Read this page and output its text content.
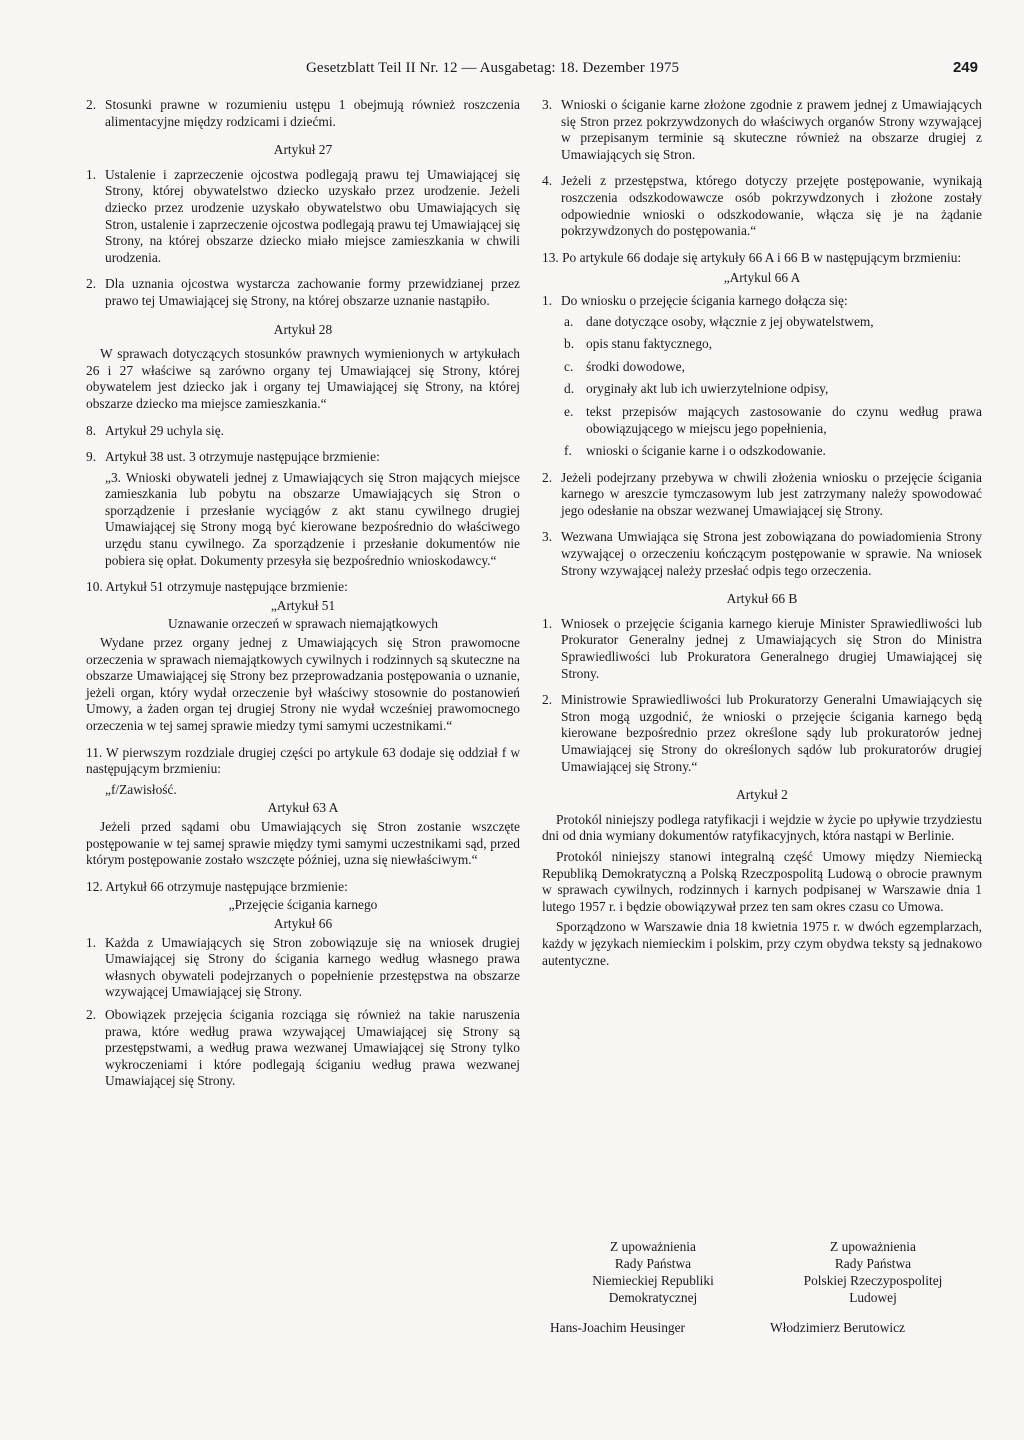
Gesetzblatt Teil II Nr. 12 — Ausgabetag: 18. Dezember 1975	249
2. Stosunki prawne w rozumieniu ustępu 1 obejmują również roszczenia alimentacyjne między rodzicami i dziećmi.
Artykuł 27
1. Ustalenie i zaprzeczenie ojcostwa podlegają prawu tej Umawiającej się Strony, której obywatelstwo dziecko uzyskało przez urodzenie. Jeżeli dziecko przez urodzenie uzyskało obywatelstwo obu Umawiających się Stron, ustalenie i zaprzeczenie ojcostwa podlegają prawu tej Umawiającej się Strony, na której obszarze dziecko miało miejsce zamieszkania w chwili urodzenia.
2. Dla uznania ojcostwa wystarcza zachowanie formy przewidzianej przez prawo tej Umawiającej się Strony, na której obszarze uznanie nastąpiło.
Artykuł 28
W sprawach dotyczących stosunków prawnych wymienionych w artykułach 26 i 27 właściwe są zarówno organy tej Umawiającej się Strony, której obywatelem jest dziecko jak i organy tej Umawiającej się Strony, na której obszarze dziecko ma miejsce zamieszkania.“
8. Artykuł 29 uchyla się.
9. Artykuł 38 ust. 3 otrzymuje następujące brzmienie:
„3. Wnioski obywateli jednej z Umawiających się Stron mających miejsce zamieszkania lub pobytu na obszarze Umawiających się Stron o sporządzenie i przesłanie wyciągów z akt stanu cywilnego drugiej Umawiającej się Strony mogą być kierowane bezpośrednio do właściwego urzędu stanu cywilnego. Za sporządzenie i przesłanie dokumentów nie pobiera się opłat. Dokumenty przesyła się bezpośrednio wnioskodawcy.“
10. Artykuł 51 otrzymuje następujące brzmienie:
„Artykuł 51
Uznawanie orzeczeń w sprawach niemajątkowych
Wydane przez organy jednej z Umawiających się Stron prawomocne orzeczenia w sprawach niemajątkowych cywilnych i rodzinnych są skuteczne na obszarze Umawiającej się Strony bez przeprowadzania postępowania o uznanie, jeżeli organ, który wydał orzeczenie był właściwy stosownie do postanowień Umowy, a żaden organ tej drugiej Strony nie wydał wcześniej prawomocnego orzeczenia w tej samej sprawie miedzy tymi samymi uczestnikami.“
11. W pierwszym rozdziale drugiej części po artykule 63 dodaje się oddział f w następującym brzmieniu:
„f/Zawisłość.
Artykuł 63 A
Jeżeli przed sądami obu Umawiających się Stron zostanie wszczęte postępowanie w tej samej sprawie między tymi samymi uczestnikami sąd, przed którym postępowanie zostało wszczęte później, uzna się niewłaściwym.“
12. Artykuł 66 otrzymuje następujące brzmienie:
„Przejęcie ścigania karnego
Artykuł 66
1. Każda z Umawiających się Stron zobowiązuje się na wniosek drugiej Umawiającej się Strony do ścigania karnego według własnego prawa własnych obywateli podejrzanych o popełnienie przestępstwa na obszarze wzywającej Umawiającej się Strony.
2. Obowiązek przejęcia ścigania rozciąga się również na takie naruszenia prawa, które według prawa wzywającej Umawiającej się Strony są przestępstwami, a według prawa wezwanej Umawiającej się Strony tylko wykroczeniami i które podlegają ściganiu według prawa wezwanej Umawiającej się Strony.
3. Wnioski o ściganie karne złożone zgodnie z prawem jednej z Umawiających się Stron przez pokrzywdzonych do właściwych organów Strony wzywającej w przepisanym terminie są skuteczne również na obszarze drugiej z Umawiających się Stron.
4. Jeżeli z przestępstwa, którego dotyczy przejęte postępowanie, wynikają roszczenia odszkodowawcze osób pokrzywdzonych i złożone zostały odpowiednie wnioski o odszkodowanie, włącza się je na żądanie pokrzywdzonych do postępowania.“
13. Po artykule 66 dodaje się artykuły 66 A i 66 B w następującym brzmieniu:
„Artykul 66 A
1. Do wniosku o przejęcie ścigania karnego dołącza się:
a. dane dotyczące osoby, włącznie z jej obywatelstwem,
b. opis stanu faktycznego,
c. środki dowodowe,
d. oryginały akt lub ich uwierzytelnione odpisy,
e. tekst przepisów mających zastosowanie do czynu według prawa obowiązującego w miejscu jego popełnienia,
f. wnioski o ściganie karne i o odszkodowanie.
2. Jeżeli podejrzany przebywa w chwili złożenia wniosku o przejęcie ścigania karnego w areszcie tymczasowym lub jest zatrzymany należy spowodować jego odesłanie na obszar wezwanej Umawiającej się Strony.
3. Wezwana Umwiająca się Strona jest zobowiązana do powiadomienia Strony wzywającej o orzeczeniu kończącym postępowanie w sprawie. Na wniosek Strony wzywającej należy przesłać odpis tego orzeczenia.
Artykuł 66 B
1. Wniosek o przejęcie ścigania karnego kieruje Minister Sprawiedliwości lub Prokurator Generalny jednej z Umawiających się Stron do Ministra Sprawiedliwości lub Prokuratora Generalnego drugiej Umawiającej się Strony.
2. Ministrowie Sprawiedliwości lub Prokuratorzy Generalni Umawiających się Stron mogą uzgodnić, że wnioski o przejęcie ścigania karnego będą kierowane bezpośrednio przez określone sądy lub prokuratorów jednej Umawiającej się Strony do określonych sądów lub prokuratorów drugiej Umawiającej się Strony.“
Artykuł 2
Protokól niniejszy podlega ratyfikacji i wejdzie w życie po upływie trzydziestu dni od dnia wymiany dokumentów ratyfikacyjnych, która nastąpi w Berlinie.
Protokól niniejszy stanowi integralną część Umowy między Niemiecką Republiką Demokratyczną a Polską Rzeczpospolitą Ludową o obrocie prawnym w sprawach cywilnych, rodzinnych i karnych podpisanej w Warszawie dnia 1 lutego 1957 r. i będzie obowiązywał przez ten sam okres czasu co Umowa.
Sporządzono w Warszawie dnia 18 kwietnia 1975 r. w dwóch egzemplarzach, każdy w językach niemieckim i polskim, przy czym obydwa teksty są jednakowo autentyczne.
Z upoważnienia
Rady Państwa
Niemieckiej Republiki
Demokratycznej
Z upoważnienia
Rady Państwa
Polskiej Rzeczypospolitej
Ludowej
Hans-Joachim Heusinger	Włodzimierz Berutowicz
